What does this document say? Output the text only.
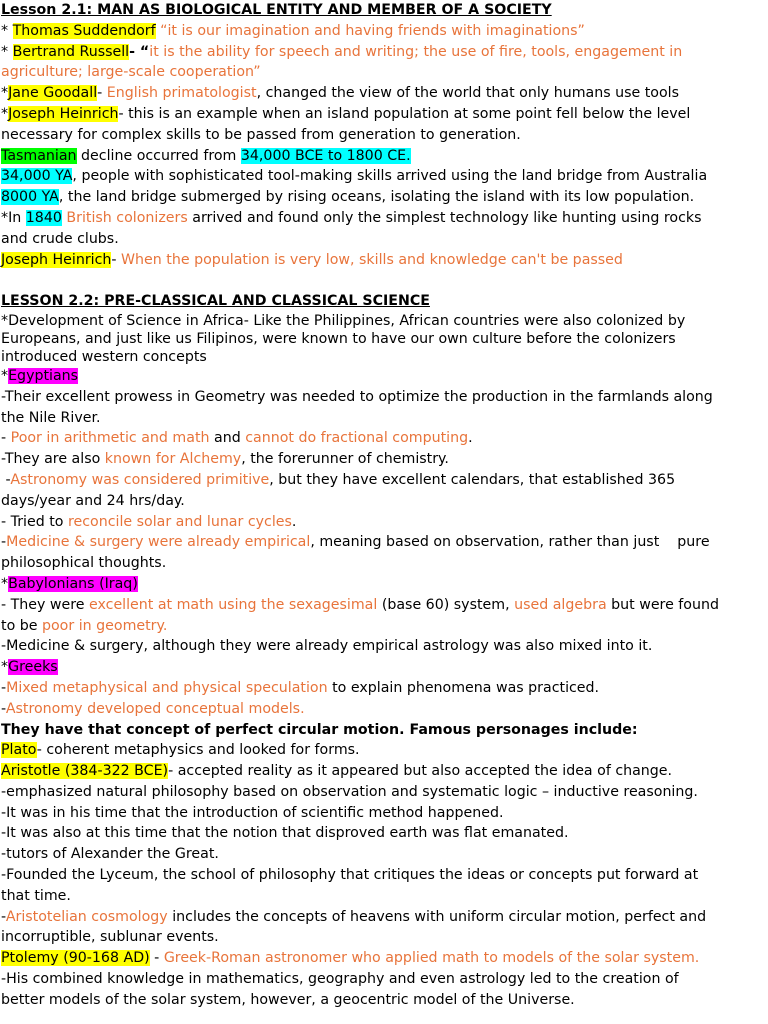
Lesson 2.1: MAN AS BIOLOGICAL ENTITY AND MEMBER OF A SOCIETY
* Thomas Suddendorf “it is our imagination and having friends with imaginations”
* Bertrand Russell- “it is the ability for speech and writing; the use of fire, tools, engagement in
agriculture; large-scale cooperation”
*Jane Goodall- English primatologist, changed the view of the world that only humans use tools
*Joseph Heinrich- this is an example when an island population at some point fell below the level
necessary for complex skills to be passed from generation to generation.
Tasmanian decline occurred from 34,000 BCE to 1800 CE.
34,000 YA, people with sophisticated tool-making skills arrived using the land bridge from Australia
8000 YA, the land bridge submerged by rising oceans, isolating the island with its low population.
*In 1840 British colonizers arrived and found only the simplest technology like hunting using rocks
and crude clubs.
Joseph Heinrich- When the population is very low, skills and knowledge can't be passed
LESSON 2.2: PRE-CLASSICAL AND CLASSICAL SCIENCE
*Development of Science in Africa- Like the Philippines, African countries were also colonized by
Europeans, and just like us Filipinos, were known to have our own culture before the colonizers
introduced western concepts
*Egyptians
-Their excellent prowess in Geometry was needed to optimize the production in the farmlands along
the Nile River.
- Poor in arithmetic and math and cannot do fractional computing.
-They are also known for Alchemy, the forerunner of chemistry.
-Astronomy was considered primitive, but they have excellent calendars, that established 365
days/year and 24 hrs/day.
- Tried to reconcile solar and lunar cycles.
-Medicine & surgery were already empirical, meaning based on observation, rather than just    pure
philosophical thoughts.
*Babylonians (Iraq)
- They were excellent at math using the sexagesimal (base 60) system, used algebra but were found
to be poor in geometry.
-Medicine & surgery, although they were already empirical astrology was also mixed into it.
*Greeks
-Mixed metaphysical and physical speculation to explain phenomena was practiced.
-Astronomy developed conceptual models.
They have that concept of perfect circular motion. Famous personages include:
Plato- coherent metaphysics and looked for forms.
Aristotle (384-322 BCE)- accepted reality as it appeared but also accepted the idea of change.
-emphasized natural philosophy based on observation and systematic logic – inductive reasoning.
-It was in his time that the introduction of scientific method happened.
-It was also at this time that the notion that disproved earth was flat emanated.
-tutors of Alexander the Great.
-Founded the Lyceum, the school of philosophy that critiques the ideas or concepts put forward at
that time.
-Aristotelian cosmology includes the concepts of heavens with uniform circular motion, perfect and
incorruptible, sublunar events.
Ptolemy (90-168 AD) - Greek-Roman astronomer who applied math to models of the solar system.
-His combined knowledge in mathematics, geography and even astrology led to the creation of
better models of the solar system, however, a geocentric model of the Universe.
